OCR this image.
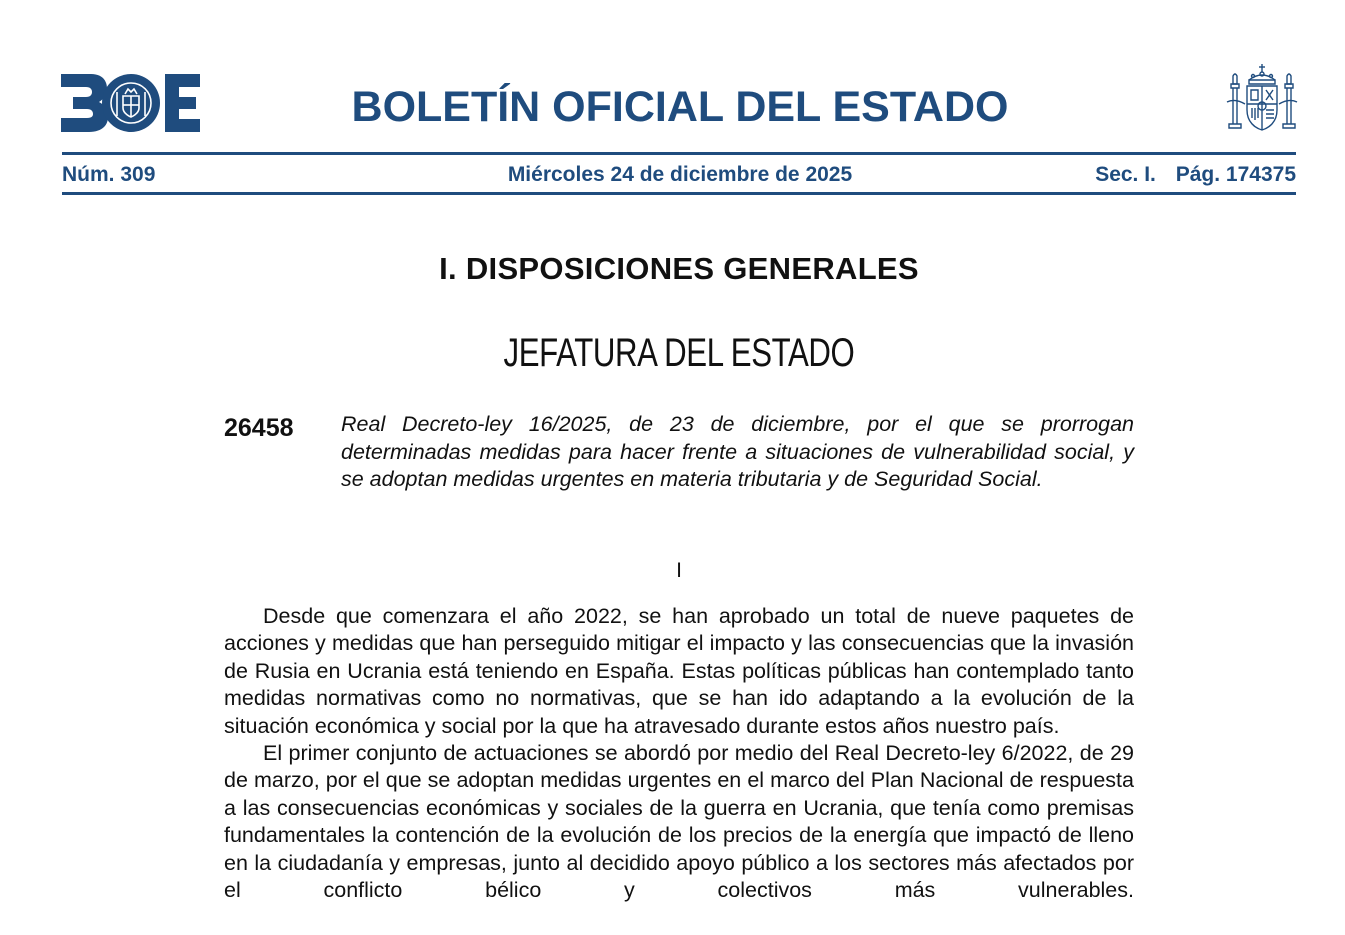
BOLETÍN OFICIAL DEL ESTADO
Núm. 309	Miércoles 24 de diciembre de 2025	Sec. I. Pág. 174375
I. DISPOSICIONES GENERALES
JEFATURA DEL ESTADO
26458 Real Decreto-ley 16/2025, de 23 de diciembre, por el que se prorrogan determinadas medidas para hacer frente a situaciones de vulnerabilidad social, y se adoptan medidas urgentes en materia tributaria y de Seguridad Social.

I

Desde que comenzara el año 2022, se han aprobado un total de nueve paquetes de acciones y medidas que han perseguido mitigar el impacto y las consecuencias que la invasión de Rusia en Ucrania está teniendo en España. Estas políticas públicas han contemplado tanto medidas normativas como no normativas, que se han ido adaptando a la evolución de la situación económica y social por la que ha atravesado durante estos años nuestro país.

El primer conjunto de actuaciones se abordó por medio del Real Decreto-ley 6/2022, de 29 de marzo, por el que se adoptan medidas urgentes en el marco del Plan Nacional de respuesta a las consecuencias económicas y sociales de la guerra en Ucrania, que tenía como premisas fundamentales la contención de la evolución de los precios de la energía que impactó de lleno en la ciudadanía y empresas, junto al decidido apoyo público a los sectores más afectados por el conflicto bélico y colectivos más vulnerables.
